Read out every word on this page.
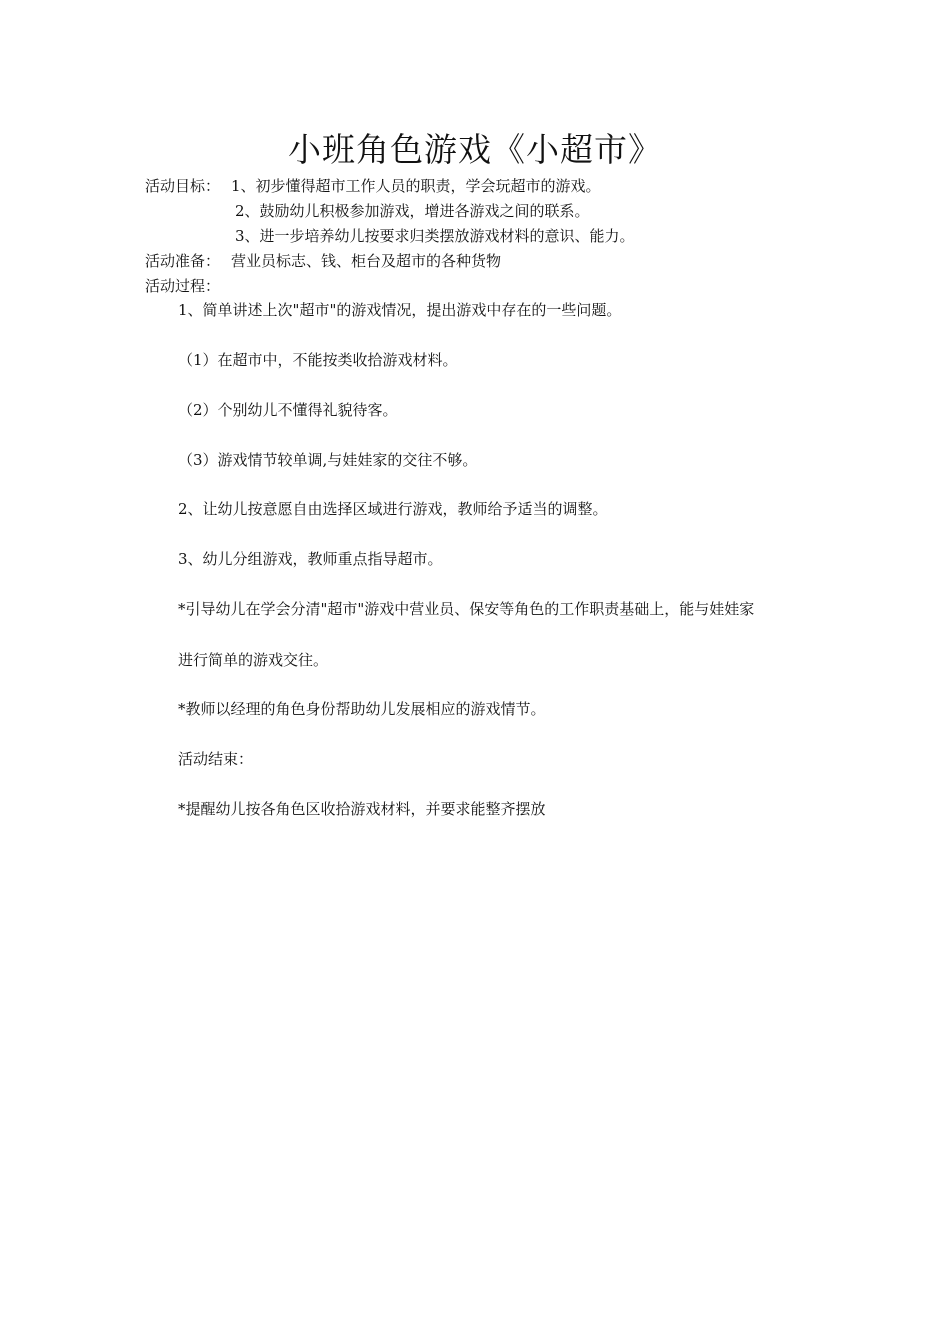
小班角色游戏《小超市》
活动目标： 1、初步懂得超市工作人员的职责，学会玩超市的游戏。
2、鼓励幼儿积极参加游戏，增进各游戏之间的联系。
3、进一步培养幼儿按要求归类摆放游戏材料的意识、能力。
活动准备： 营业员标志、钱、柜台及超市的各种货物
活动过程：
1、简单讲述上次"超市"的游戏情况，提出游戏中存在的一些问题。
（1）在超市中，不能按类收拾游戏材料。
（2）个别幼儿不懂得礼貌待客。
（3）游戏情节较单调,与娃娃家的交往不够。
2、让幼儿按意愿自由选择区域进行游戏，教师给予适当的调整。
3、幼儿分组游戏，教师重点指导超市。
*引导幼儿在学会分清"超市"游戏中营业员、保安等角色的工作职责基础上，能与娃娃家
进行简单的游戏交往。
*教师以经理的角色身份帮助幼儿发展相应的游戏情节。
活动结束：
*提醒幼儿按各角色区收拾游戏材料，并要求能整齐摆放
